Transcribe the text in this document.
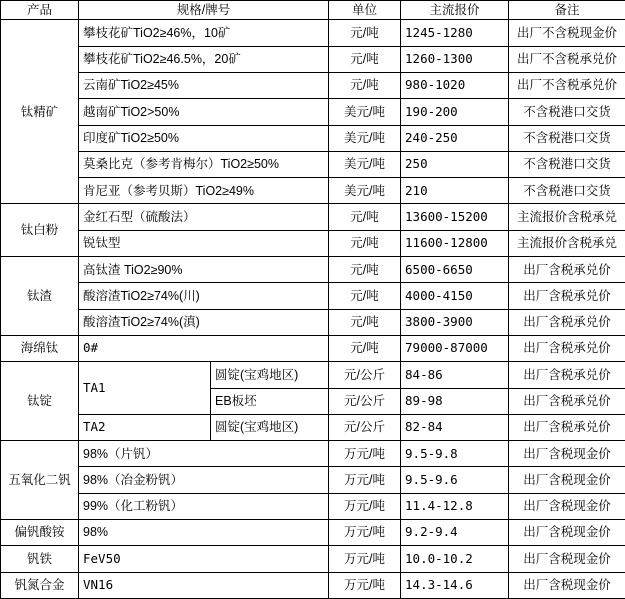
产品	规格/牌号		单位	主流报价	备注
钛精矿	攀枝花矿TiO2≥46%，10矿		元/吨	1245-1280	出厂不含税现金价
	攀枝花矿TiO2≥46.5%，20矿		元/吨	1260-1300	出厂不含税承兑价
	云南矿TiO2≥45%		元/吨	980-1020	出厂不含税承兑价
	越南矿TiO2>50%		美元/吨	190-200	不含税港口交货
	印度矿TiO2≥50%		美元/吨	240-250	不含税港口交货
	莫桑比克（参考肯梅尔）TiO2≥50%		美元/吨	250	不含税港口交货
	肯尼亚（参考贝斯）TiO2≥49%		美元/吨	210	不含税港口交货
钛白粉	金红石型（硫酸法）		元/吨	13600-15200	主流报价含税承兑
	锐钛型		元/吨	11600-12800	主流报价含税承兑
钛渣	高钛渣 TiO2≥90%		元/吨	6500-6650	出厂含税承兑价
	酸溶渣TiO2≥74%(川)		元/吨	4000-4150	出厂含税承兑价
	酸溶渣TiO2≥74%(滇)		元/吨	3800-3900	出厂含税承兑价
海绵钛	0#		元/吨	79000-87000	出厂含税承兑价
钛锭	TA1	圆锭(宝鸡地区)	元/公斤	84-86	出厂含税承兑价
		EB板坯	元/公斤	89-98	出厂含税承兑价
	TA2	圆锭(宝鸡地区)	元/公斤	82-84	出厂含税承兑价
五氧化二钒	98%（片钒）		万元/吨	9.5-9.8	出厂含税现金价
	98%（冶金粉钒）		万元/吨	9.5-9.6	出厂含税现金价
	99%（化工粉钒）		万元/吨	11.4-12.8	出厂含税现金价
偏钒酸铵	98%		万元/吨	9.2-9.4	出厂含税现金价
钒铁	FeV50		万元/吨	10.0-10.2	出厂含税现金价
钒氮合金	VN16		万元/吨	14.3-14.6	出厂含税现金价
